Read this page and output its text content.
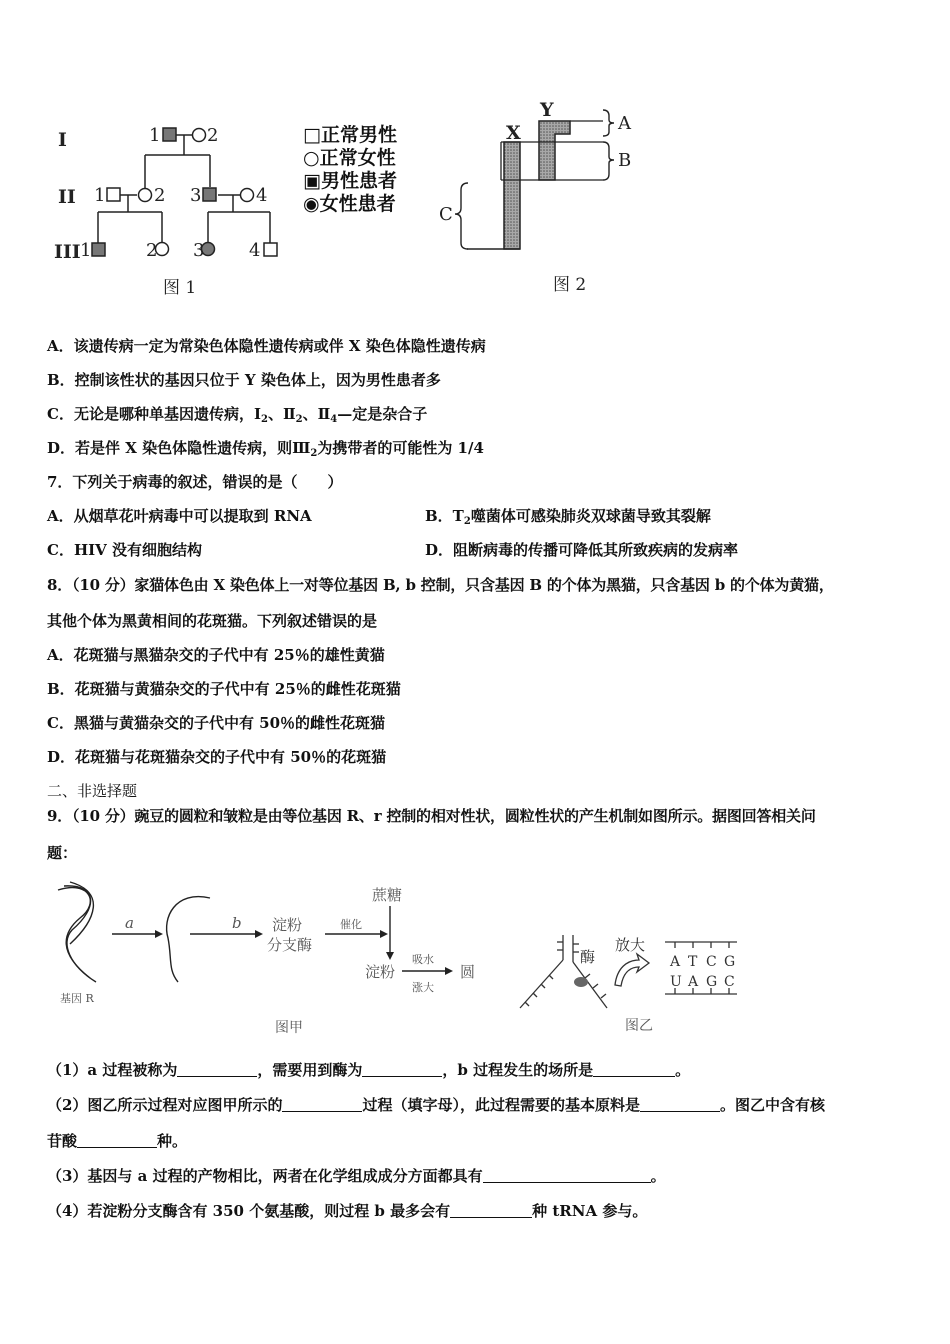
I
II
III
1	2
1	2 3	4
1	2 3 4
图 1
□正常男性
○正常女性
▣男性患者
◉女性患者
X
Y
A
B
C
图 2
A．该遗传病一定为常染色体隐性遗传病或伴 X 染色体隐性遗传病
B．控制该性状的基因只位于 Y 染色体上，因为男性患者多
C．无论是哪种单基因遗传病，$Ⅰ_2$、$Ⅱ_2$、$Ⅱ_4—$定是杂合子
D．若是伴 X 染色体隐性遗传病，则$Ⅲ_2$为携带者的可能性为 1/4
7．下列关于病毒的叙述，错误的是（　　）
A．从烟草花叶病毒中可以提取到 RNA	B．$T_2$噬菌体可感染肺炎双球菌导致其裂解
C．HIV 没有细胞结构	D．阻断病毒的传播可降低其所致疾病的发病率
8．（10 分）家猫体色由 X 染色体上一对等位基因 B, b 控制，只含基因 B 的个体为黑猫，只含基因 b 的个体为黄猫，
其他个体为黑黄相间的花斑猫。下列叙述错误的是
A．花斑猫与黑猫杂交的子代中有 25％的雄性黄猫
B．花斑猫与黄猫杂交的子代中有 25％的雌性花斑猫
C．黑猫与黄猫杂交的子代中有 50％的雌性花斑猫
D．花斑猫与花斑猫杂交的子代中有 50％的花斑猫
二、非选择题
9．（10 分）豌豆的圆粒和皱粒是由等位基因 R、r 控制的相对性状，圆粒性状的产生机制如图所示。据图回答相关问
题：
a	b 淀粉
分支酶
蔗糖
淀粉	圆
催化
吸水
涨大
基因 R
图甲
酶
放大
A T C G
U A G C
图乙
（1）a 过程被称为	，需要用到酶为	，b 过程发生的场所是	。
（2）图乙所示过程对应图甲所示的	过程（填字母），此过程需要的基本原料是	。图乙中含有核
苷酸	种。
（3）基因与 a 过程的产物相比，两者在化学组成成分方面都具有	。
（4）若淀粉分支酶含有 350 个氨基酸，则过程 b 最多会有	种 tRNA 参与。
